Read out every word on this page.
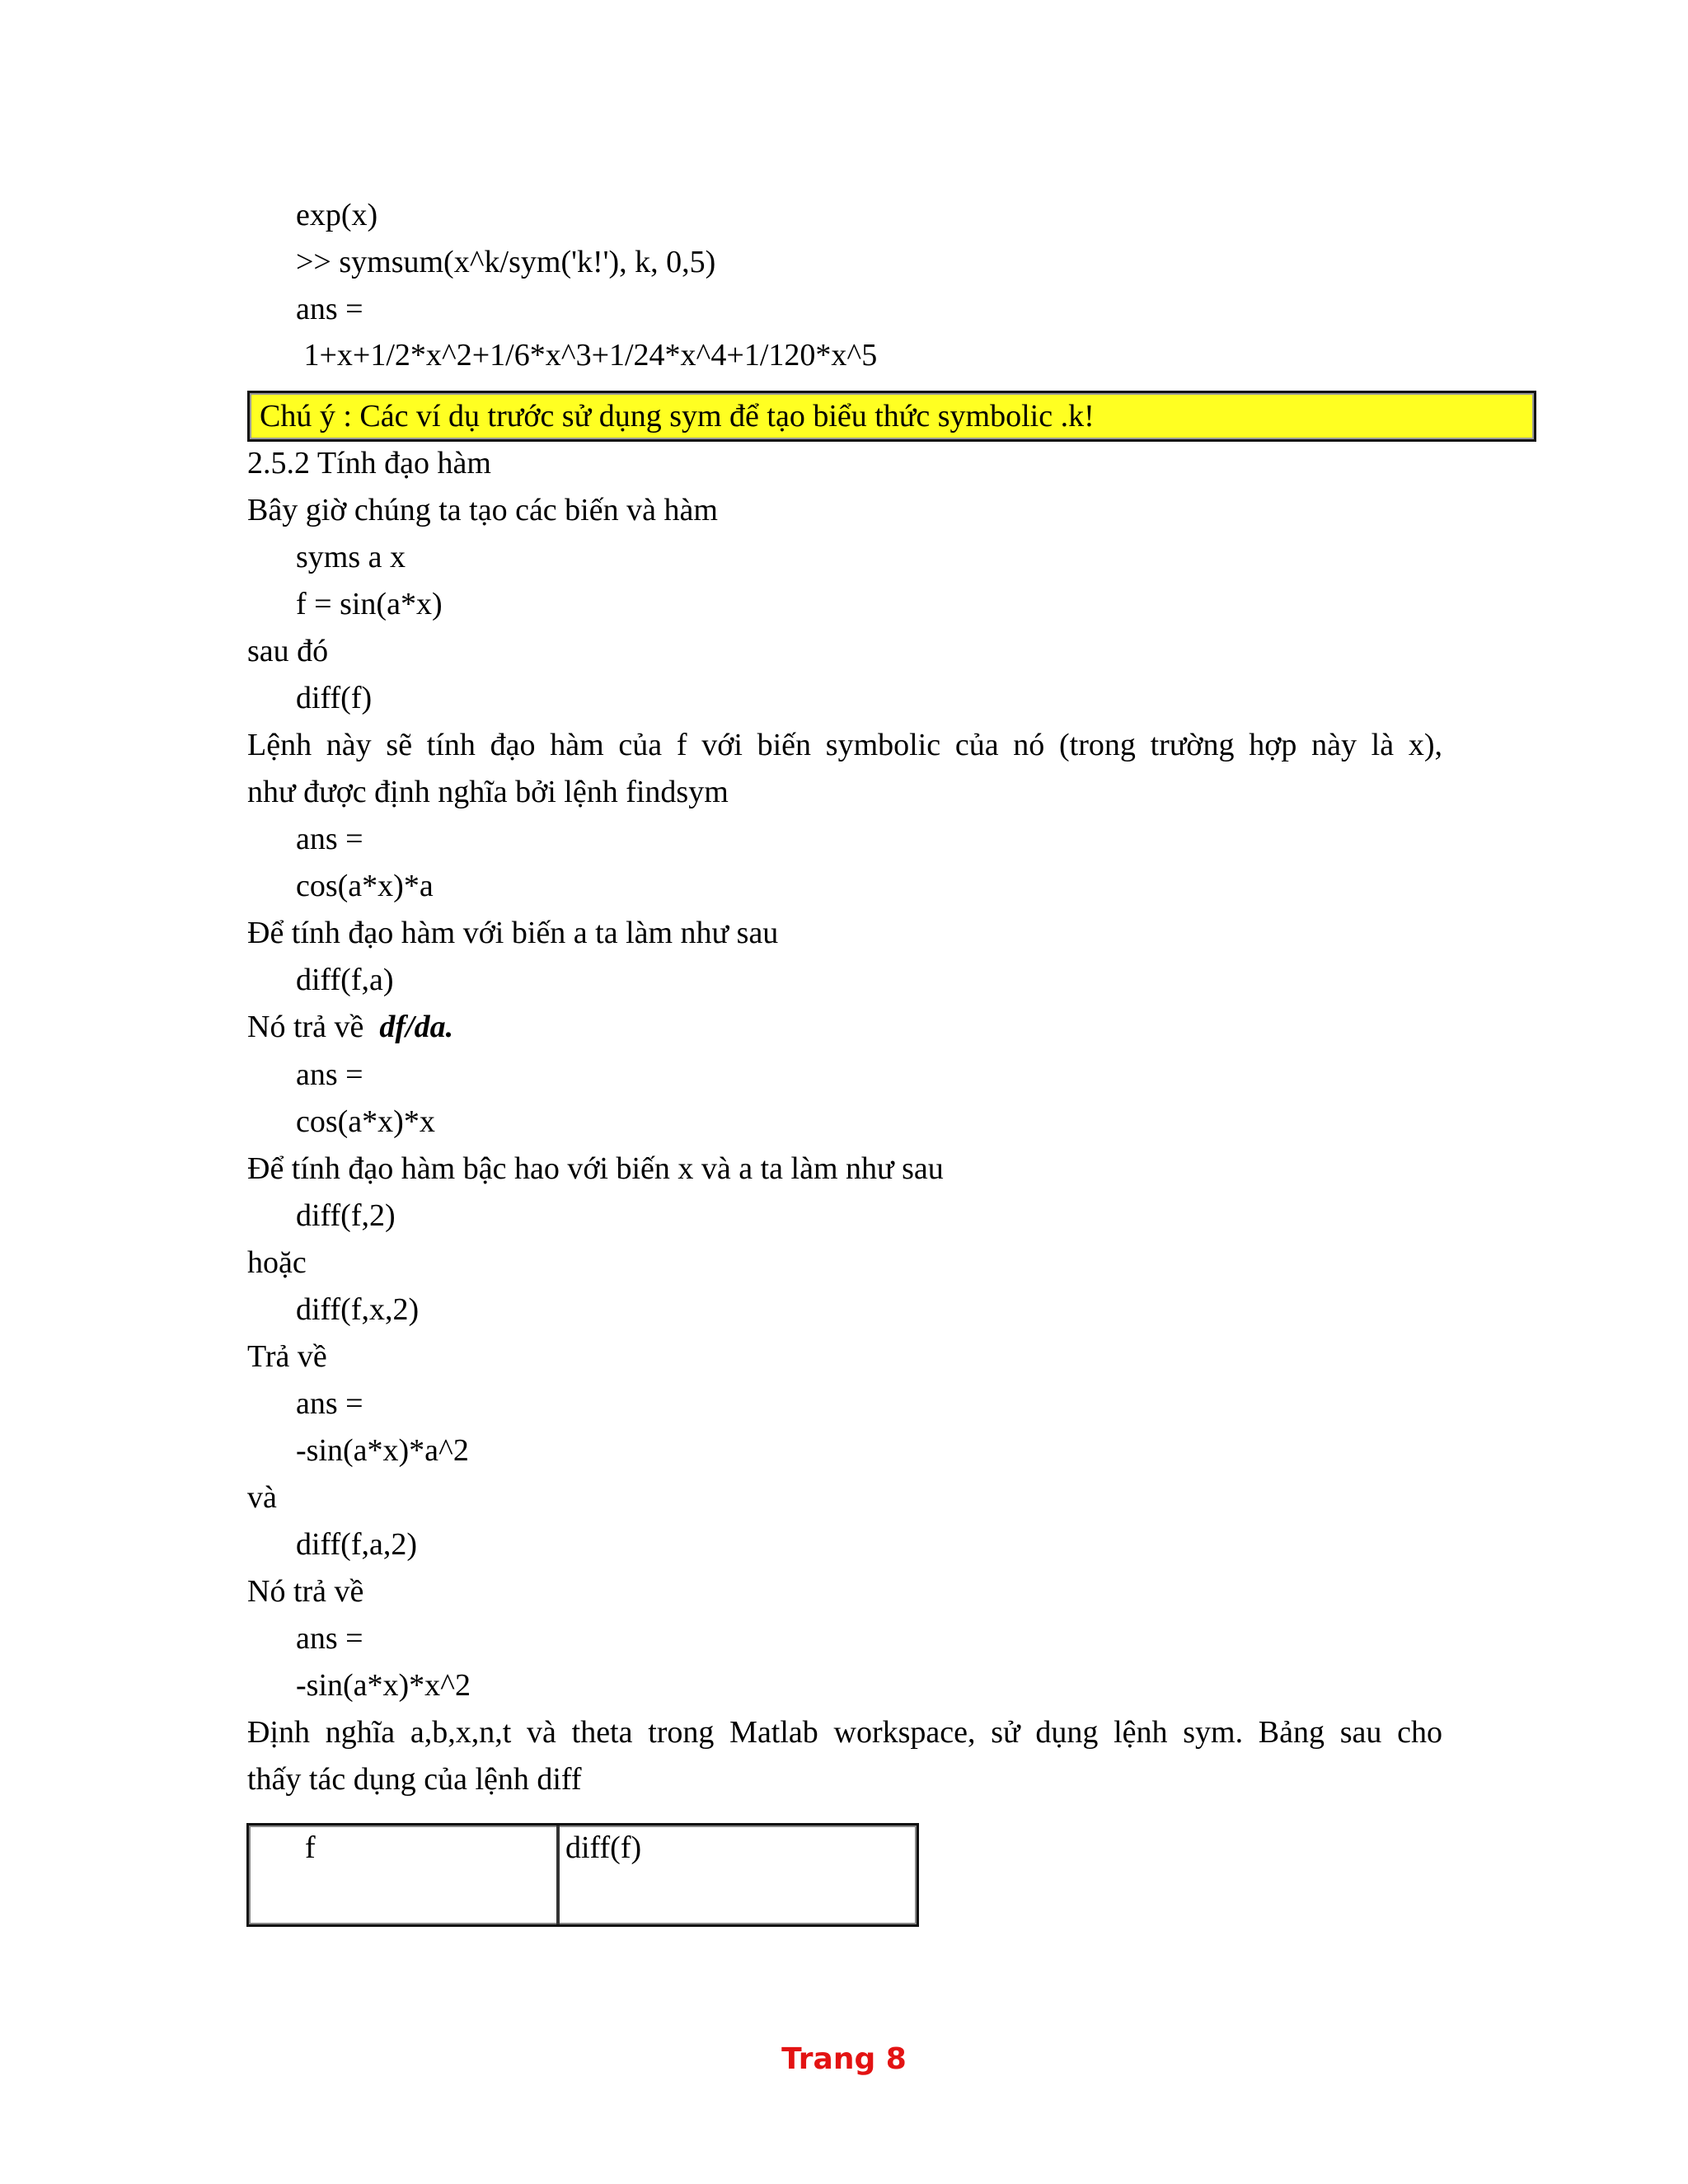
exp(x)
>> symsum(x^k/sym('k!'), k, 0,5)
ans =
1+x+1/2*x^2+1/6*x^3+1/24*x^4+1/120*x^5
Chú ý : Các ví dụ trước sử dụng sym để tạo biểu thức symbolic .k!
2.5.2 Tính đạo hàm
Bây giờ chúng ta tạo các biến và hàm
syms a x
f = sin(a*x)
sau đó
diff(f)
Lệnh này sẽ tính đạo hàm của f với biến symbolic của nó (trong trường hợp này là x),
như được định nghĩa bởi lệnh findsym
ans =
cos(a*x)*a
Để tính đạo hàm với biến a ta làm như sau
diff(f,a)
Nó trả về  df/da.
ans =
cos(a*x)*x
Để tính đạo hàm bậc hao với biến x và a ta làm như sau
diff(f,2)
hoặc
diff(f,x,2)
Trả về
ans =
-sin(a*x)*a^2
và
diff(f,a,2)
Nó trả về
ans =
-sin(a*x)*x^2
Định nghĩa a,b,x,n,t và theta trong Matlab workspace, sử dụng lệnh sym. Bảng sau cho
thấy tác dụng của lệnh diff
f	diff(f)
Trang 8
